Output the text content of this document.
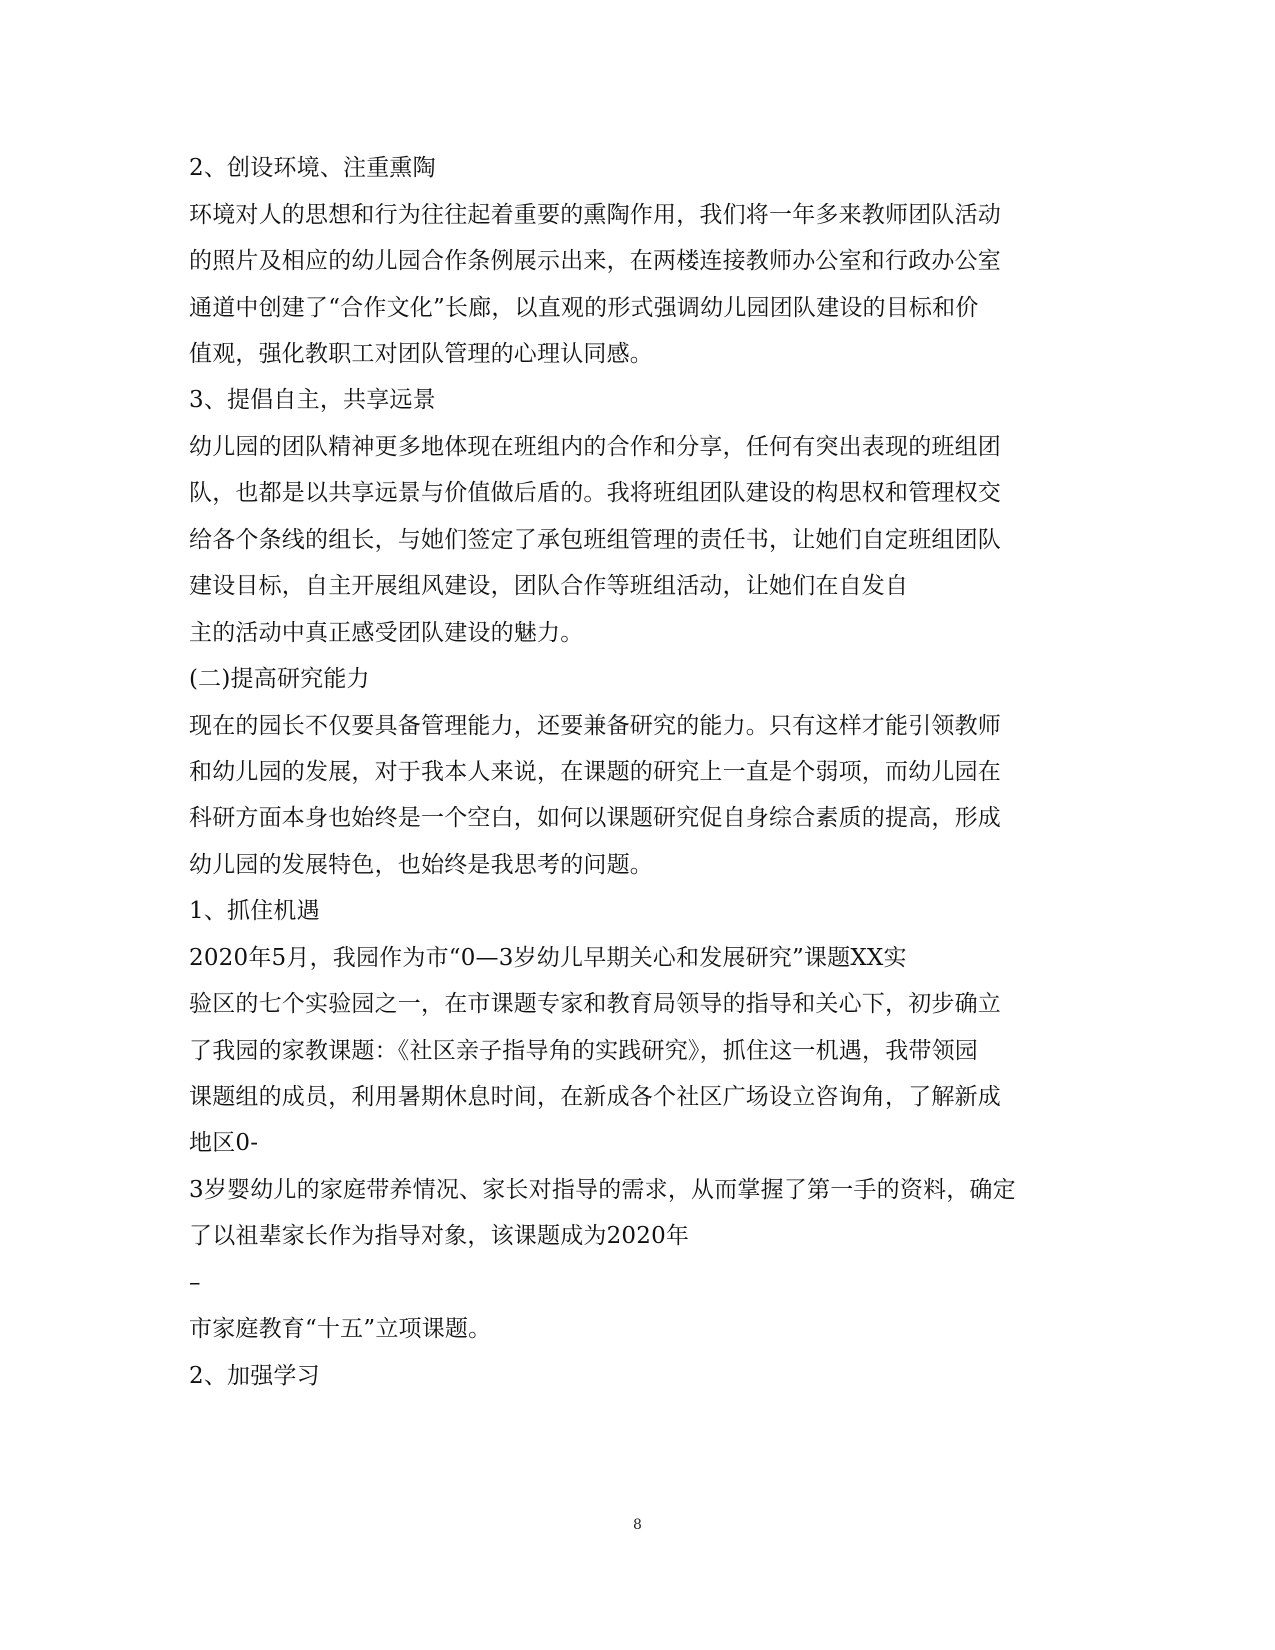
2、创设环境、注重熏陶
环境对人的思想和行为往往起着重要的熏陶作用，我们将一年多来教师团队活动
的照片及相应的幼儿园合作条例展示出来，在两楼连接教师办公室和行政办公室
通道中创建了“合作文化”长廊，以直观的形式强调幼儿园团队建设的目标和价
值观，强化教职工对团队管理的心理认同感。
3、提倡自主，共享远景
幼儿园的团队精神更多地体现在班组内的合作和分享，任何有突出表现的班组团
队，也都是以共享远景与价值做后盾的。我将班组团队建设的构思权和管理权交
给各个条线的组长，与她们签定了承包班组管理的责任书，让她们自定班组团队
建设目标，自主开展组风建设，团队合作等班组活动，让她们在自发自
主的活动中真正感受团队建设的魅力。
(二)提高研究能力
现在的园长不仅要具备管理能力，还要兼备研究的能力。只有这样才能引领教师
和幼儿园的发展，对于我本人来说，在课题的研究上一直是个弱项，而幼儿园在
科研方面本身也始终是一个空白，如何以课题研究促自身综合素质的提高，形成
幼儿园的发展特色，也始终是我思考的问题。
1、抓住机遇
2020年5月，我园作为市“0—3岁幼儿早期关心和发展研究”课题XX实
验区的七个实验园之一，在市课题专家和教育局领导的指导和关心下，初步确立
了我园的家教课题：《社区亲子指导角的实践研究》，抓住这一机遇，我带领园
课题组的成员，利用暑期休息时间，在新成各个社区广场设立咨询角，了解新成
地区0-
3岁婴幼儿的家庭带养情况、家长对指导的需求，从而掌握了第一手的资料，确定
了以祖辈家长作为指导对象，该课题成为2020年
–
市家庭教育“十五”立项课题。
2、加强学习
8
